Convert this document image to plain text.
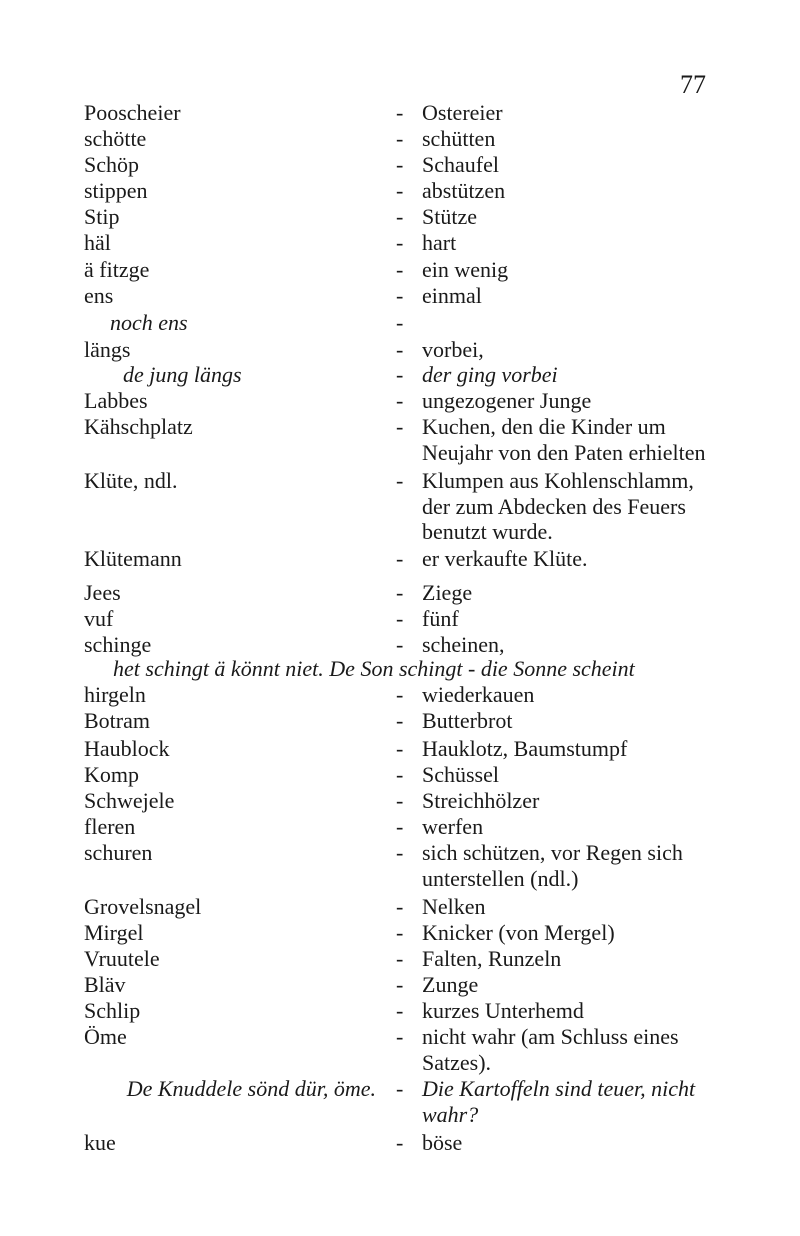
77
Pooscheier	- Ostereier
schötte	- schütten
Schöp	- Schaufel
stippen	- abstützen
Stip	- Stütze
häl	- hart
ä fitzge	- ein wenig
ens	- einmal
noch ens	-
längs	- vorbei,
de jung längs	- der ging vorbei
Labbes	- ungezogener Junge
Kähschplatz	- Kuchen, den die Kinder um Neujahr von den Paten erhielten
Klüte, ndl.	- Klumpen aus Kohlenschlamm, der zum Abdecken des Feuers benutzt wurde.
Klütemann	- er verkaufte Klüte.
Jees	- Ziege
vuf	- fünf
schinge	- scheinen,
het schingt ä könnt niet. De Son schingt - die Sonne scheint
hirgeln	- wiederkauen
Botram	- Butterbrot
Haublock	- Hauklotz, Baumstumpf
Komp	- Schüssel
Schwejele	- Streichhölzer
fleren	- werfen
schuren	- sich schützen, vor Regen sich unterstellen (ndl.)
Grovelsnagel	- Nelken
Mirgel	- Knicker (von Mergel)
Vruutele	- Falten, Runzeln
Bläv	- Zunge
Schlip	- kurzes Unterhemd
Öme	- nicht wahr (am Schluss eines Satzes).
De Knuddele sönd dür, öme. - Die Kartoffeln sind teuer, nicht wahr?
kue	- böse
